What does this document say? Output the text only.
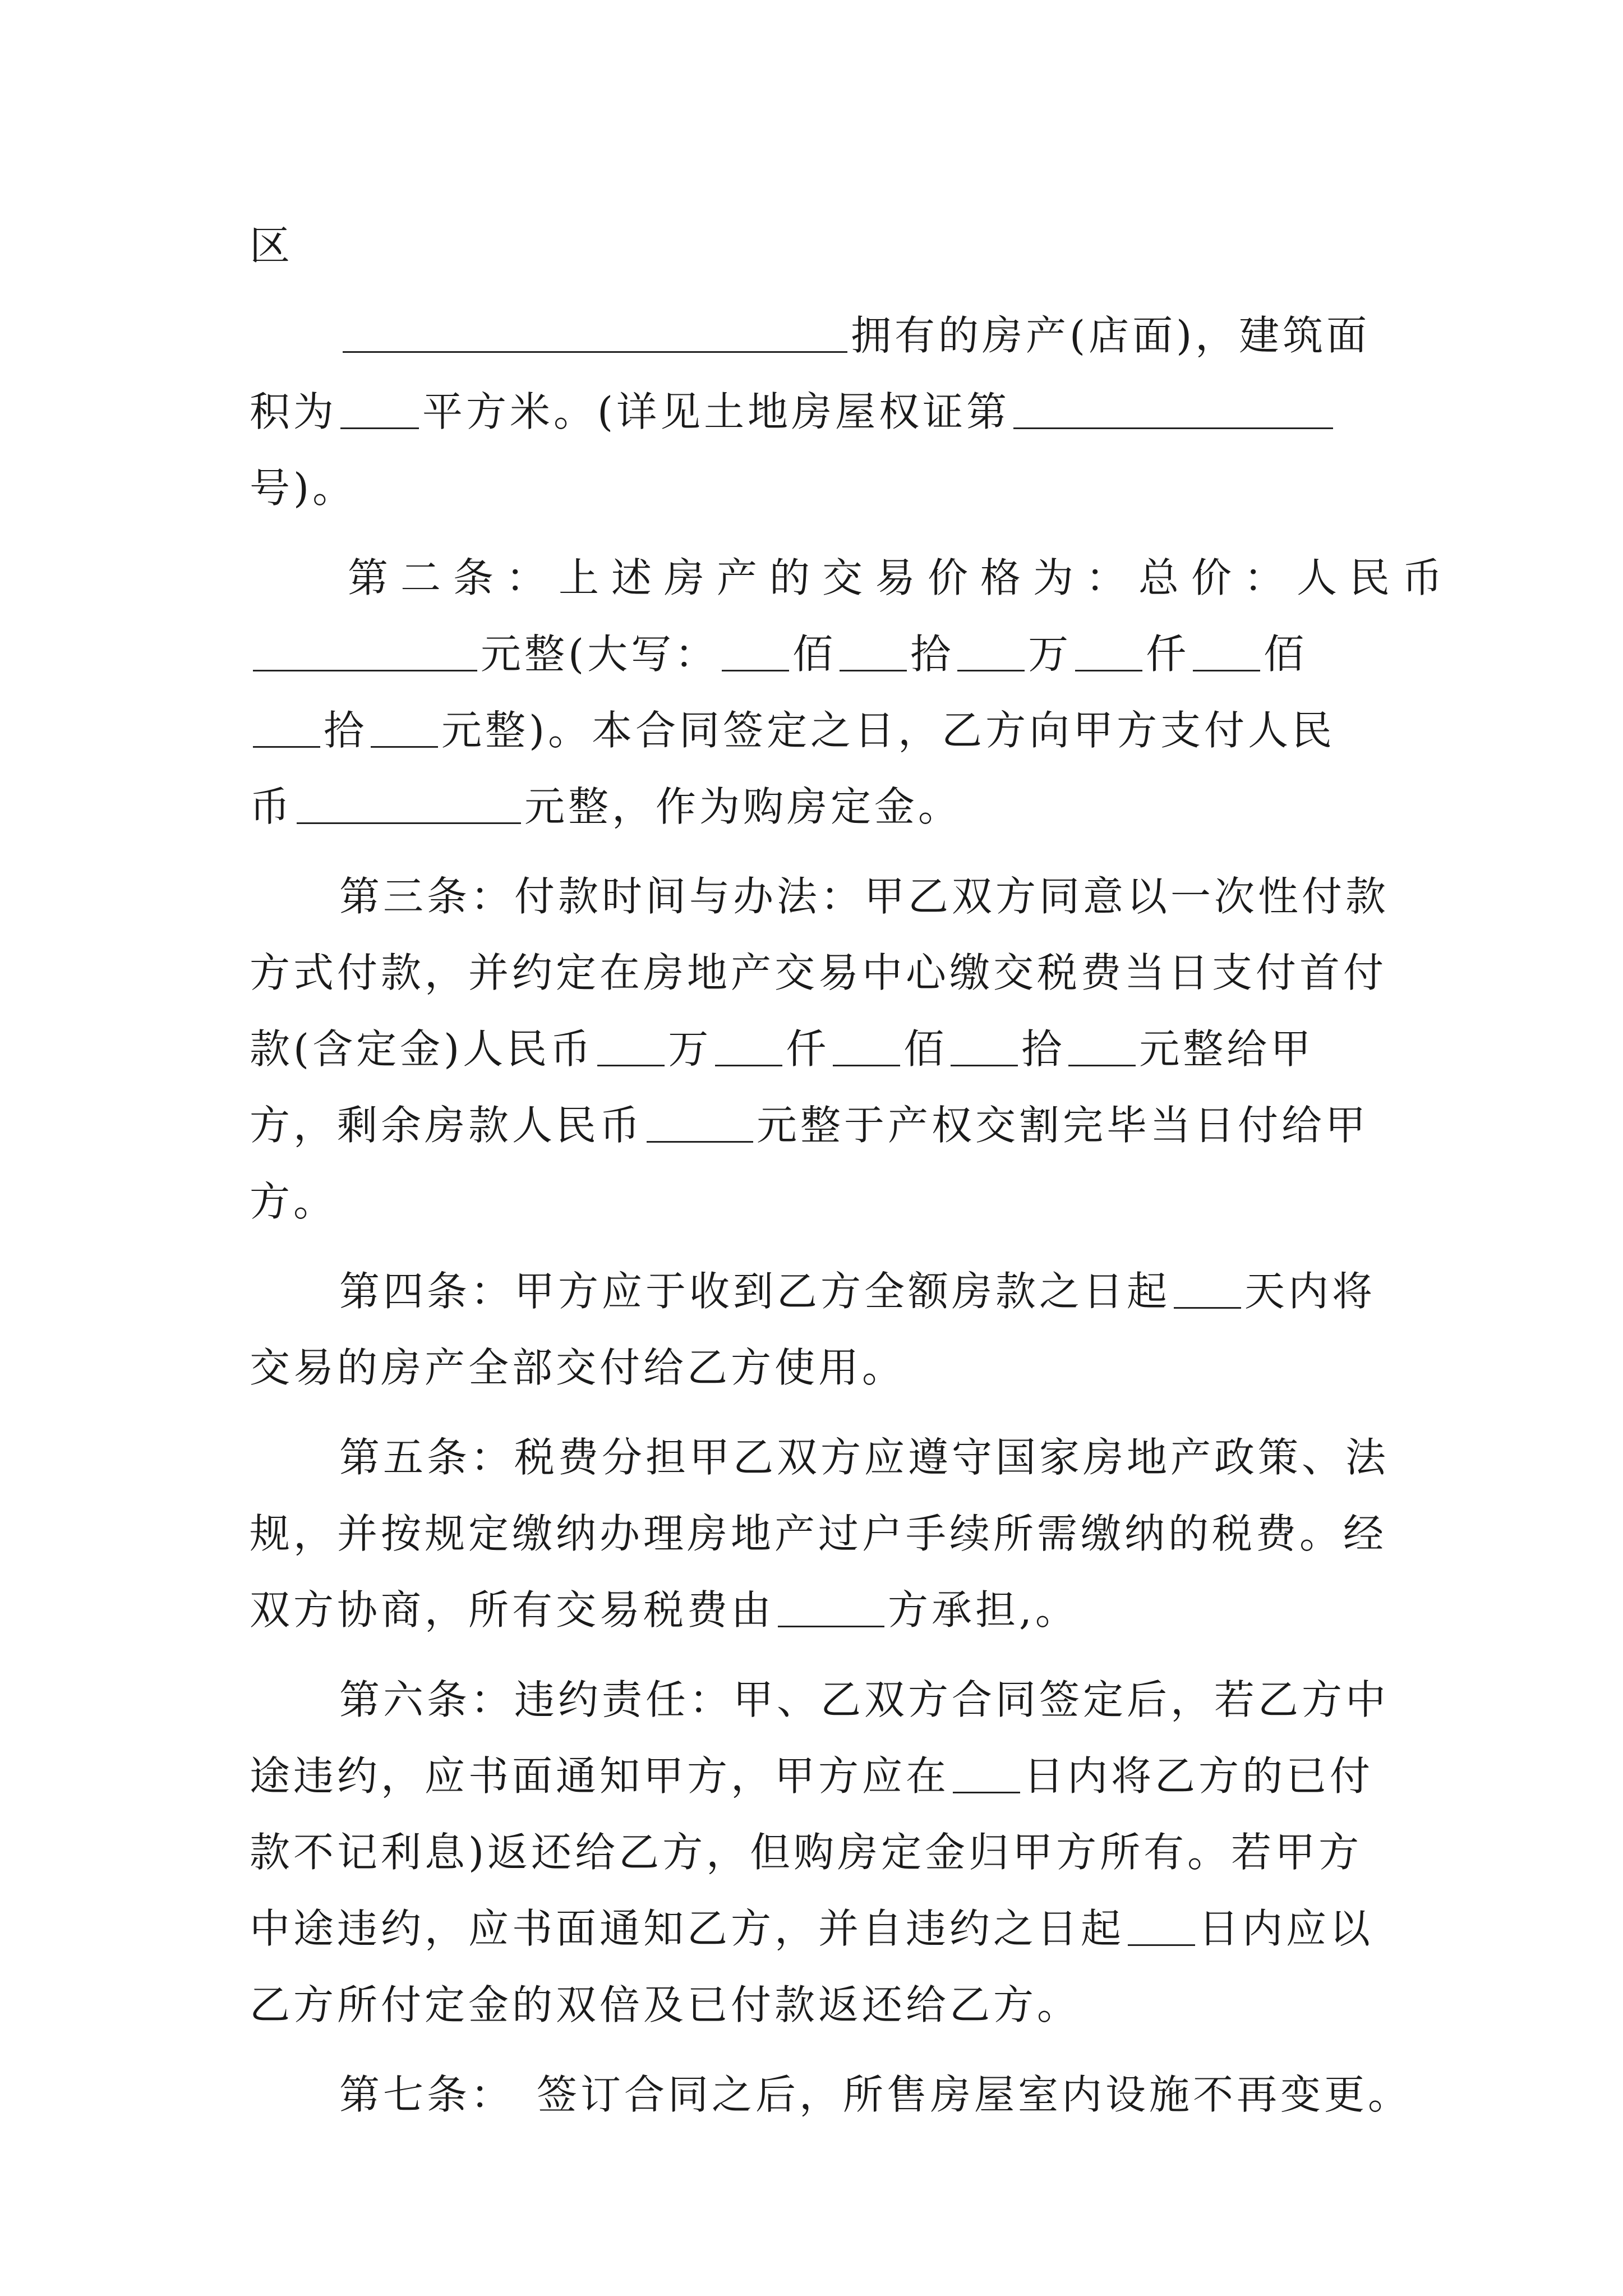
区
拥有的房产(店面)，建筑面
积为 平方米。(详见土地房屋权证第
号)。
第二条：上述房产的交易价格为：总价：人民币
元整(大写： 佰 拾 万 仟 佰
拾 元整)。本合同签定之日，乙方向甲方支付人民
币	元整，作为购房定金。
第三条：付款时间与办法：甲乙双方同意以一次性付款
方式付款，并约定在房地产交易中心缴交税费当日支付首付
款(含定金)人民币 万 仟 佰 拾 元整给甲
方，剩余房款人民币	元整于产权交割完毕当日付给甲
方。
第四条：甲方应于收到乙方全额房款之日起 天内将
交易的房产全部交付给乙方使用。
第五条：税费分担甲乙双方应遵守国家房地产政策、法
规，并按规定缴纳办理房地产过户手续所需缴纳的税费。经
双方协商，所有交易税费由	方承担,。
第六条：违约责任：甲、乙双方合同签定后，若乙方中
途违约，应书面通知甲方，甲方应在 日内将乙方的已付
款不记利息)返还给乙方，但购房定金归甲方所有。若甲方
中途违约，应书面通知乙方，并自违约之日起 日内应以
乙方所付定金的双倍及已付款返还给乙方。
第七条： 签订合同之后，所售房屋室内设施不再变更。
